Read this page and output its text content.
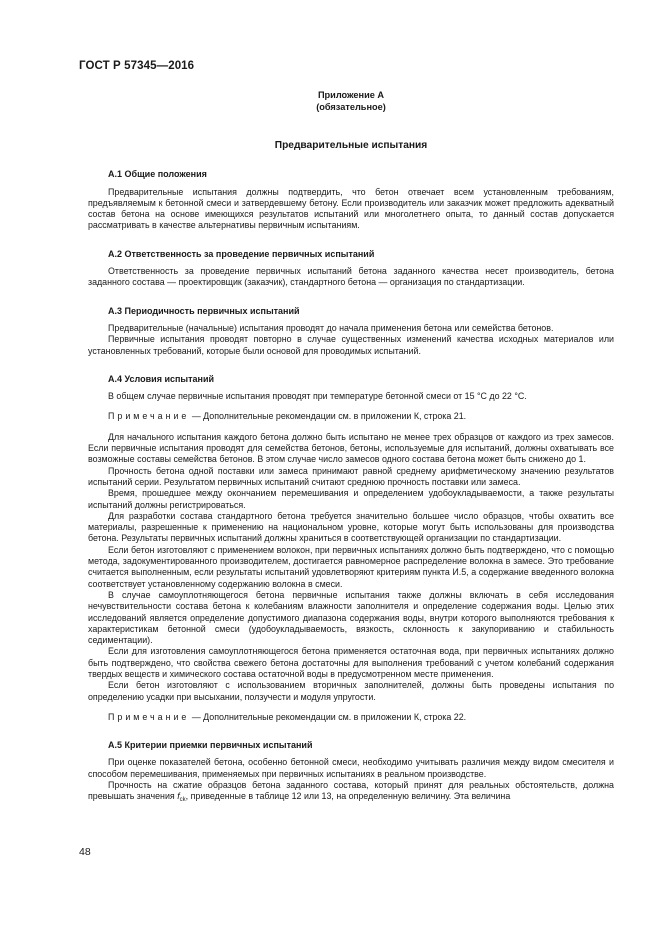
ГОСТ Р 57345—2016
Приложение А
(обязательное)
Предварительные испытания
А.1 Общие положения

Предварительные испытания должны подтвердить, что бетон отвечает всем установленным требованиям, предъявляемым к бетонной смеси и затвердевшему бетону. Если производитель или заказчик может предложить адекватный состав бетона на основе имеющихся результатов испытаний или многолетнего опыта, то данный состав допускается рассматривать в качестве альтернативы первичным испытаниям.

А.2 Ответственность за проведение первичных испытаний

Ответственность за проведение первичных испытаний бетона заданного качества несет производитель, бетона заданного состава — проектировщик (заказчик), стандартного бетона — организация по стандартизации.

А.3 Периодичность первичных испытаний

Предварительные (начальные) испытания проводят до начала применения бетона или семейства бетонов.

Первичные испытания проводят повторно в случае существенных изменений качества исходных материалов или установленных требований, которые были основой для проводимых испытаний.

А.4 Условия испытаний

В общем случае первичные испытания проводят при температуре бетонной смеси от 15 °С до 22 °С.

Примечание — Дополнительные рекомендации см. в приложении К, строка 21.

Для начального испытания каждого бетона должно быть испытано не менее трех образцов от каждого из трех замесов. Если первичные испытания проводят для семейства бетонов, бетоны, используемые для испытаний, должны охватывать все возможные составы семейства бетонов. В этом случае число замесов одного состава бетона может быть снижено до 1.

Прочность бетона одной поставки или замеса принимают равной среднему арифметическому значению результатов испытаний серии. Результатом первичных испытаний считают среднюю прочность поставки или замеса.

Время, прошедшее между окончанием перемешивания и определением удобоукладываемости, а также результаты испытаний должны регистрироваться.

Для разработки состава стандартного бетона требуется значительно большее число образцов, чтобы охватить все материалы, разрешенные к применению на национальном уровне, которые могут быть использованы для производства бетона. Результаты первичных испытаний должны храниться в соответствующей организации по стандартизации.

Если бетон изготовляют с применением волокон, при первичных испытаниях должно быть подтверждено, что с помощью метода, задокументированного производителем, достигается равномерное распределение волокна в замесе. Это требование считается выполненным, если результаты испытаний удовлетворяют критериям пункта И.5, а содержание введенного волокна соответствует установленному содержанию волокна в смеси.

В случае самоуплотняющегося бетона первичные испытания также должны включать в себя исследования нечувствительности состава бетона к колебаниям влажности заполнителя и определение содержания воды. Целью этих исследований является определение допустимого диапазона содержания воды, внутри которого выполняются требования к характеристикам бетонной смеси (удобоукладываемость, вязкость, склонность к закупориванию и стабильность седиментации).

Если для изготовления самоуплотняющегося бетона применяется остаточная вода, при первичных испытаниях должно быть подтверждено, что свойства свежего бетона достаточны для выполнения требований с учетом колебаний содержания твердых веществ и химического состава остаточной воды в предусмотренном месте применения.

Если бетон изготовляют с использованием вторичных заполнителей, должны быть проведены испытания по определению усадки при высыхании, ползучести и модуля упругости.

Примечание — Дополнительные рекомендации см. в приложении К, строка 22.

А.5 Критерии приемки первичных испытаний

При оценке показателей бетона, особенно бетонной смеси, необходимо учитывать различия между видом смесителя и способом перемешивания, применяемых при первичных испытаниях в реальном производстве.

Прочность на сжатие образцов бетона заданного состава, который принят для реальных обстоятельств, должна превышать значения $f_{ck}$, приведенные в таблице 12 или 13, на определенную величину. Эта величина

48
